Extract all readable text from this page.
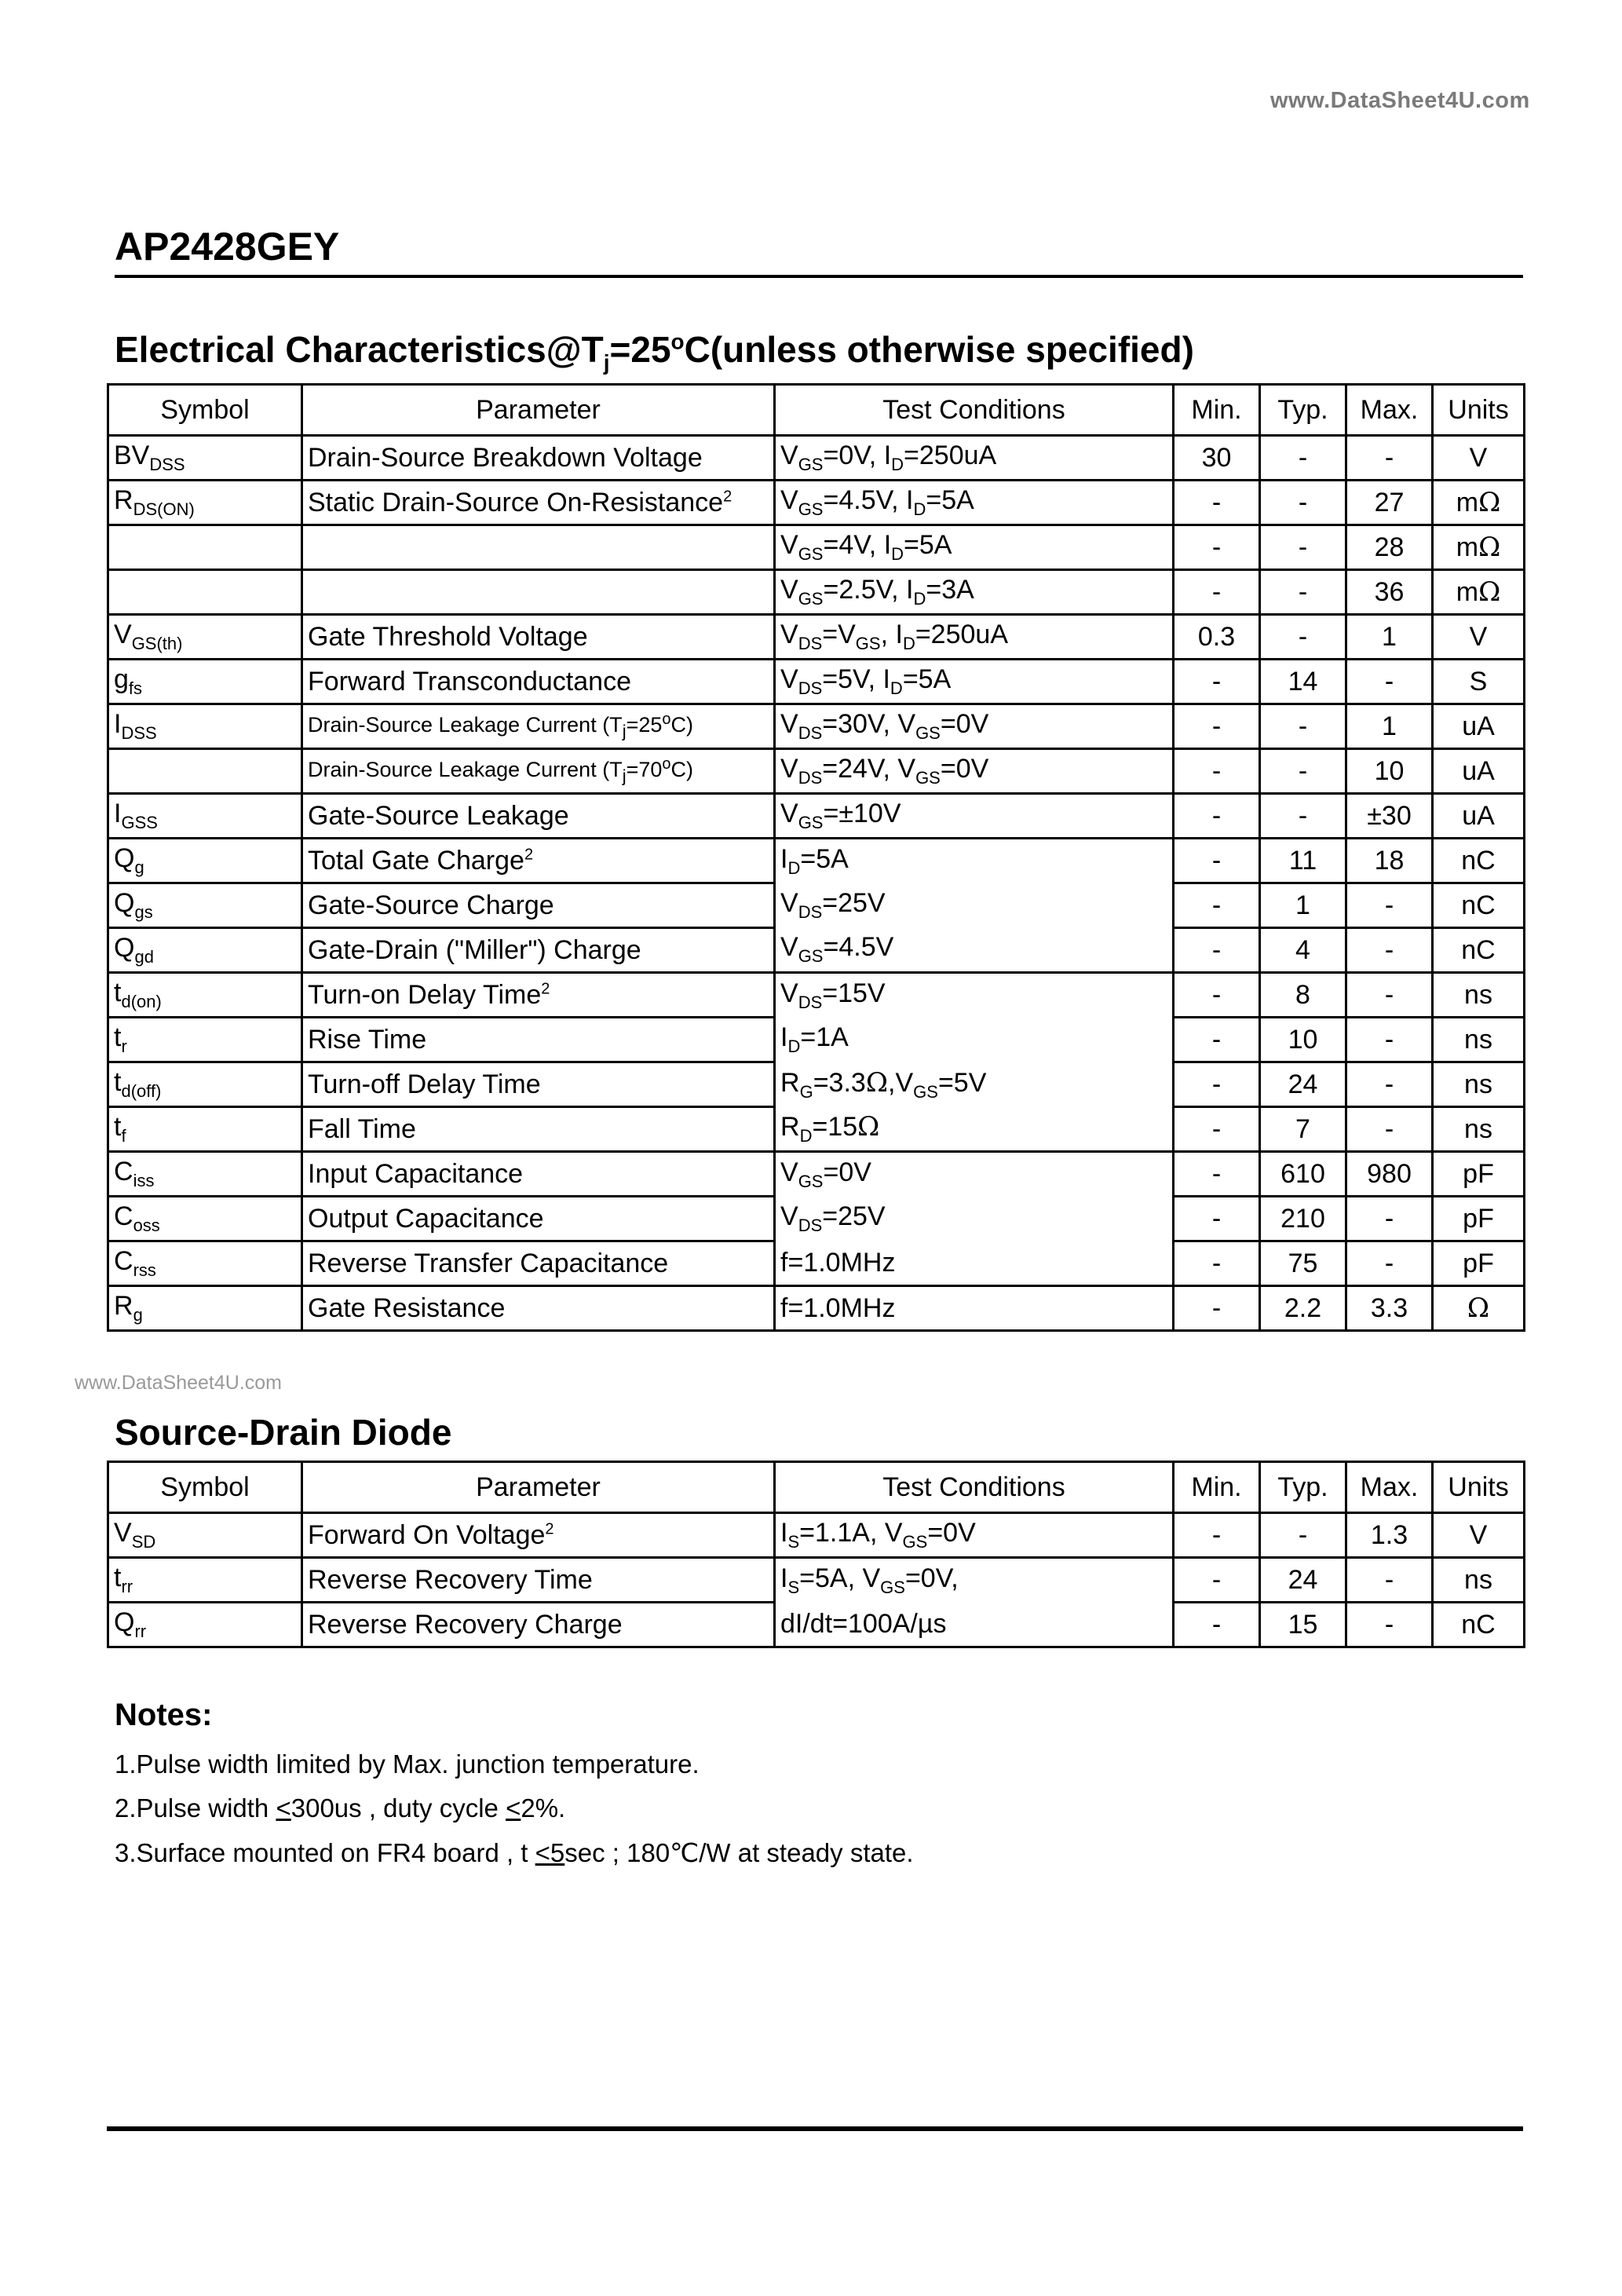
www.DataSheet4U.com
AP2428GEY
Electrical $Characteristics@T_j=25^oC(unless$ otherwise specified)
Symbol	Parameter	Test Conditions	Min.	Typ.	Max.	Units
$BV_{DSS}$	Drain-Source Breakdown Voltage	$V_{GS}=0V$, $I_D=250uA$	30	-	-	V
$R_{DS(ON)}$	Static Drain-Source On-Resistance$^2$	$V_{GS}=4.5V$, $I_D=5A$	-	-	27	mΩ
		$V_{GS}=4V$, $I_D=5A$	-	-	28	mΩ
		$V_{GS}=2.5V$, $I_D=3A$	-	-	36	mΩ
$V_{GS(th)}$	Gate Threshold Voltage	$V_{DS}=V_{GS}$, $I_D=250uA$	0.3	-	1	V
$g_{fs}$	Forward Transconductance	$V_{DS}=5V$, $I_D=5A$	-	14	-	S
$I_{DSS}$	Drain-Source Leakage Current $(T_j=25^oC)$	$V_{DS}=30V$, $V_{GS}=0V$	-	-	1	uA
	Drain-Source Leakage Current $(T_j=70^oC)$	$V_{DS}=24V$, $V_{GS}=0V$	-	-	10	uA
$I_{GSS}$	Gate-Source Leakage	$V_{GS}=\pm 10V$	-	-	±30	uA
$Q_g$	Total Gate Charge$^2$	$I_D=5A$	-	11	18	nC
$Q_{gs}$	Gate-Source Charge	$V_{DS}=25V$	-	1	-	nC
$Q_{gd}$	Gate-Drain ("Miller") Charge	$V_{GS}=4.5V$	-	4	-	nC
$t_{d(on)}$	Turn-on Delay Time$^2$	$V_{DS}=15V$	-	8	-	ns
$t_r$	Rise Time	$I_D=1A$	-	10	-	ns
$t_{d(off)}$	Turn-off Delay Time	$R_G=3.3\Omega,V_{GS}=5V$	-	24	-	ns
$t_f$	Fall Time	$R_D=15\Omega$	-	7	-	ns
$C_{iss}$	Input Capacitance	$V_{GS}=0V$	-	610	980	pF
$C_{oss}$	Output Capacitance	$V_{DS}=25V$	-	210	-	pF
$C_{rss}$	Reverse Transfer Capacitance	f=1.0MHz	-	75	-	pF
$R_g$	Gate Resistance	f=1.0MHz	-	2.2	3.3	Ω
www.DataSheet4U.com
Source-Drain Diode
Symbol	Parameter	Test Conditions	Min.	Typ.	Max.	Units
$V_{SD}$	Forward On Voltage$^2$	$I_S=1.1A$, $V_{GS}=0V$	-	-	1.3	V
$t_{rr}$	Reverse Recovery Time	$I_S=5A$, $V_{GS}=0V$,	-	24	-	ns
$Q_{rr}$	Reverse Recovery Charge	dI/dt=100A/µs	-	15	-	nC
Notes:
1.Pulse width limited by Max. junction temperature.
2.Pulse width <300us , duty cycle <2%.
3.Surface mounted on FR4 board , t <5sec ; 180℃/W at steady state.
